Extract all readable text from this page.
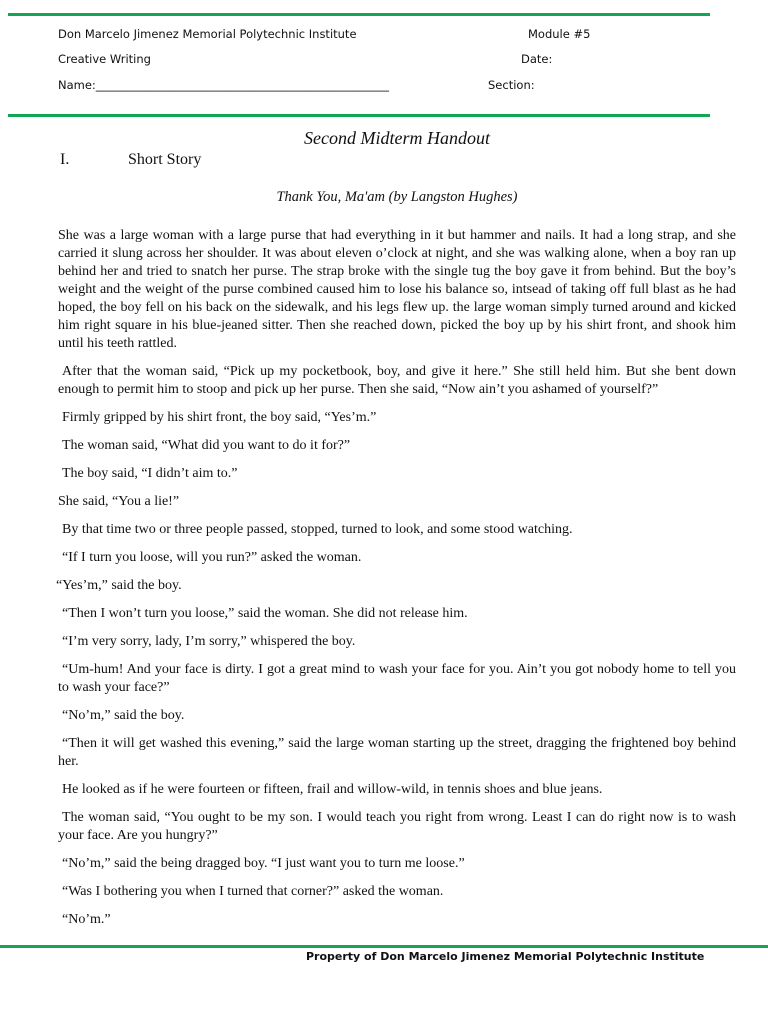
Don Marcelo Jimenez Memorial Polytechnic Institute	Module #5
Creative Writing	Date:
Name:___________________________________________________	Section:
Second Midterm Handout
I.	Short Story
Thank You, Ma'am (by Langston Hughes)

She was a large woman with a large purse that had everything in it but hammer and nails. It had a long strap, and she carried it slung across her shoulder. It was about eleven o’clock at night, and she was walking alone, when a boy ran up behind her and tried to snatch her purse. The strap broke with the single tug the boy gave it from behind. But the boy’s weight and the weight of the purse combined caused him to lose his balance so, intsead of taking off full blast as he had hoped, the boy fell on his back on the sidewalk, and his legs flew up. the large woman simply turned around and kicked him right square in his blue-jeaned sitter. Then she reached down, picked the boy up by his shirt front, and shook him until his teeth rattled.

After that the woman said, “Pick up my pocketbook, boy, and give it here.” She still held him. But she bent down enough to permit him to stoop and pick up her purse. Then she said, “Now ain’t you ashamed of yourself?”

Firmly gripped by his shirt front, the boy said, “Yes’m.”

The woman said, “What did you want to do it for?”

The boy said, “I didn’t aim to.”

She said, “You a lie!”

By that time two or three people passed, stopped, turned to look, and some stood watching.

“If I turn you loose, will you run?” asked the woman.

“Yes’m,” said the boy.

“Then I won’t turn you loose,” said the woman. She did not release him.

“I’m very sorry, lady, I’m sorry,” whispered the boy.

“Um-hum! And your face is dirty. I got a great mind to wash your face for you. Ain’t you got nobody home to tell you to wash your face?”

“No’m,” said the boy.

“Then it will get washed this evening,” said the large woman starting up the street, dragging the frightened boy behind her.

He looked as if he were fourteen or fifteen, frail and willow-wild, in tennis shoes and blue jeans.

The woman said, “You ought to be my son. I would teach you right from wrong. Least I can do right now is to wash your face. Are you hungry?”

“No’m,” said the being dragged boy. “I just want you to turn me loose.”

“Was I bothering you when I turned that corner?” asked the woman.

“No’m.”

Property of Don Marcelo Jimenez Memorial Polytechnic Institute
